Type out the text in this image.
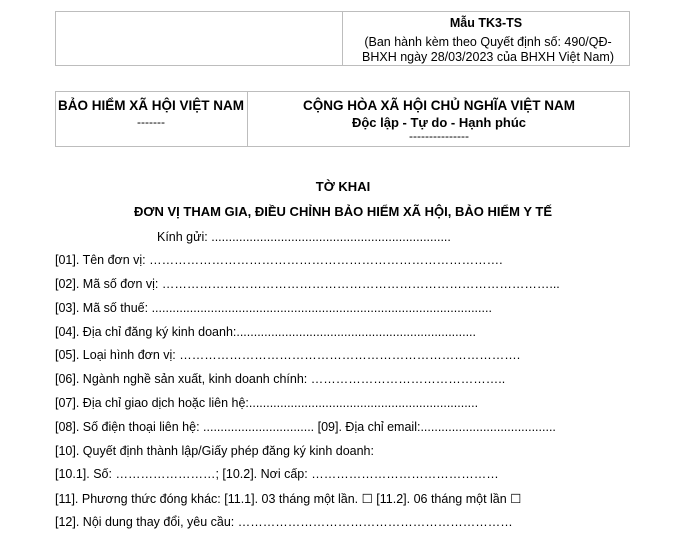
Mẫu TK3-TS
(Ban hành kèm theo Quyết định số: 490/QĐ-
BHXH ngày 28/03/2023 của BHXH Việt Nam)
BẢO HIỂM XÃ HỘI VIỆT NAM
-------
CỘNG HÒA XÃ HỘI CHỦ NGHĨA VIỆT NAM
Độc lập - Tự do - Hạnh phúc
---------------
TỜ KHAI
ĐƠN VỊ THAM GIA, ĐIỀU CHỈNH BẢO HIỂM XÃ HỘI, BẢO HIỂM Y TẾ
Kính gửi: .....................................................................
[01]. Tên đơn vị: ………………………………………………………………………….
[02]. Mã số đơn vị: …………………………………………………………………………………...
[03]. Mã số thuế: ..................................................................................................
[04]. Địa chỉ đăng ký kinh doanh:.....................................................................
[05]. Loại hình đơn vị: ……………………………………………………………………….
[06]. Ngành nghề sản xuất, kinh doanh chính: ………………………………………..
[07]. Địa chỉ giao dịch hoặc liên hệ:..................................................................
[08]. Số điện thoại liên hệ: ................................ [09]. Địa chỉ email:.......................................
[10]. Quyết định thành lập/Giấy phép đăng ký kinh doanh:
[10.1]. Số: ……………………; [10.2]. Nơi cấp: ………………………………………
[11]. Phương thức đóng khác: [11.1]. 03 tháng một lần. ☐ [11.2]. 06 tháng một lần ☐
[12]. Nội dung thay đổi, yêu cầu: …………………………………………………………
